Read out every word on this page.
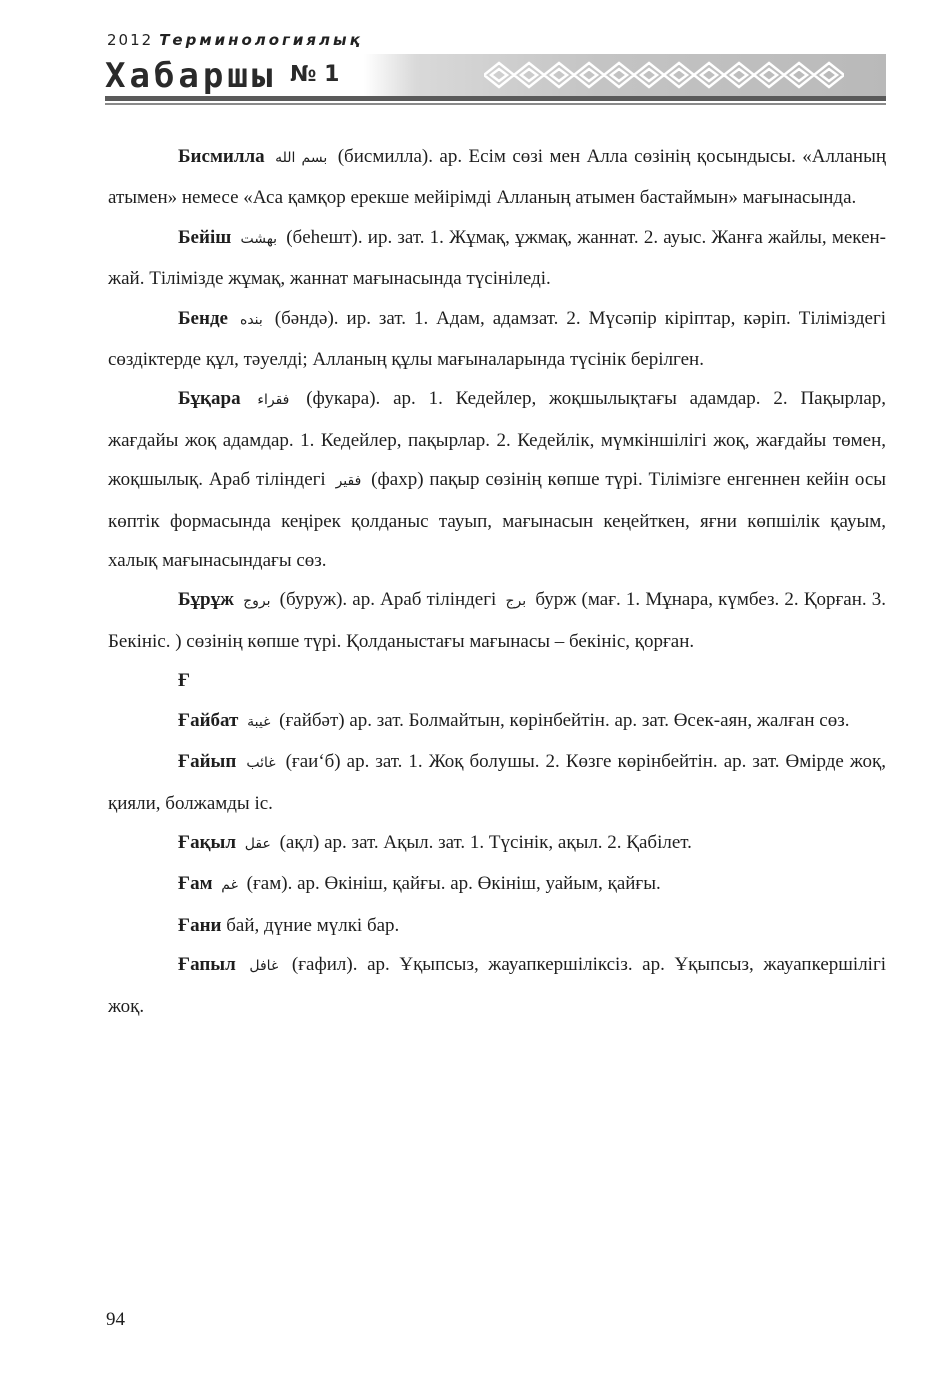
2012 Терминологиялық
Хабаршы № 1

Бисмилла بسم الله (бисмилла). ар. Есім сөзі мен Алла сөзінің қосындысы. «Алланың атымен» немесе «Аса қамқор ерекше мейірімді Алланың атымен бастаймын» мағынасында.

Бейіш بهشت (бehешт). ир. зат. 1. Жұмақ, ұжмақ, жаннат. 2. ауыс. Жанға жайлы, мекен-жай. Тілімізде жұмақ, жаннат мағынасында түсініледі.

Бенде بنده (бәндә). ир. зат. 1. Адам, адамзат. 2. Мүсәпір кіріптар, кәріп. Тіліміздегі сөздіктерде құл, тәуелді; Алланың құлы мағыналарында түсінік берілген.

Бұқара فقراء (фукара). ар. 1. Кедейлер, жоқшылықтағы адамдар. 2. Пақырлар, жағдайы жоқ адамдар. 1. Кедейлер, пақырлар. 2. Кедейлік, мүмкіншілігі жоқ, жағдайы төмен, жоқшылық. Араб тіліндегі فقير (фахр) пақыр сөзінің көпше түрі. Тілімізге енгеннен кейін осы көптік формасында кеңірек қолданыс тауып, мағынасын кеңейткен, яғни көпшілік қауым, халық мағынасындағы сөз.

Бұрұж بروج (буруж). ар. Араб тіліндегі برج бурж (мағ. 1. Мұнара, күмбез. 2. Қорған. 3. Бекініс. ) сөзінің көпше түрі. Қолданыстағы мағынасы – бекініс, қорған.

Ғ

Ғайбат غيبة (ғайбәт) ар. зат. Болмайтын, көрінбейтін. ар. зат. Өсек-аян, жалған сөз.

Ғайып غائب (ғаи‘б) ар. зат. 1. Жоқ болушы. 2. Көзге көрінбейтін. ар. зат. Өмірде жоқ, қияли, болжамды іс.

Ғақыл عقل (ақл) ар. зат. Ақыл. зат. 1. Түсінік, ақыл. 2. Қабілет.

Ғам غم (ғам). ар. Өкініш, қайғы. ар. Өкініш, уайым, қайғы.

Ғани бай, дүние мүлкі бар.

Ғапыл غافل (ғафил). ар. Ұқыпсыз, жауапкершіліксіз. ар. Ұқыпсыз, жауапкершілігі жоқ.

94
